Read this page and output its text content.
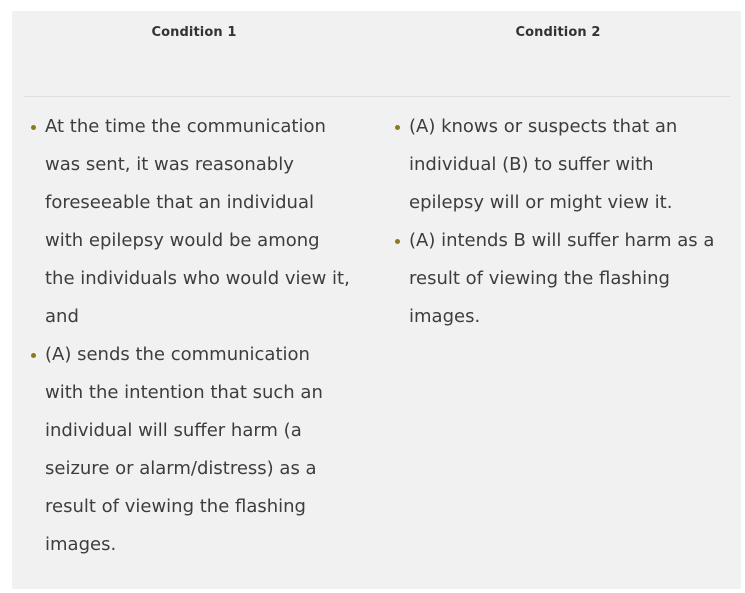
Condition 1	Condition 2
At the time the communication was sent, it was reasonably foreseeable that an individual with epilepsy would be among the individuals who would view it, and
(A) sends the communication with the intention that such an individual will suffer harm (a seizure or alarm/distress) as a result of viewing the flashing images.
(A) knows or suspects that an individual (B) to suffer with epilepsy will or might view it.
(A) intends B will suffer harm as a result of viewing the flashing images.
